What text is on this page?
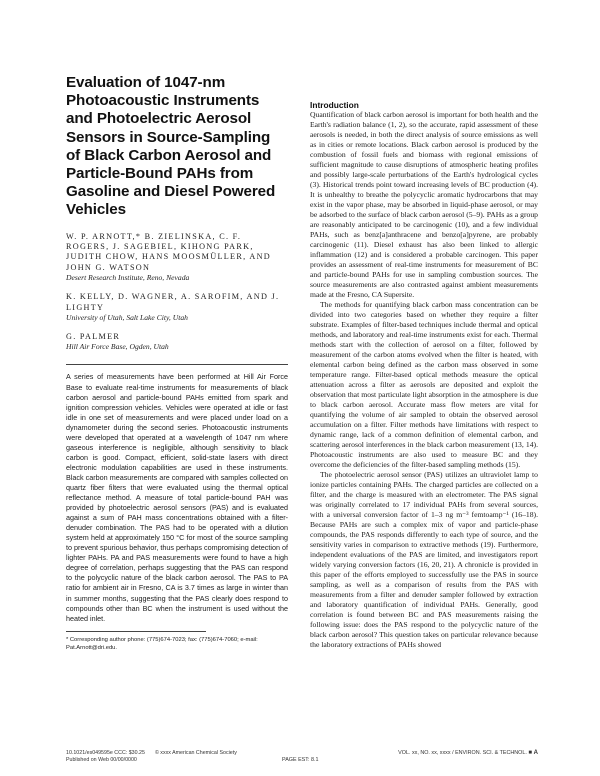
Evaluation of 1047-nm Photoacoustic Instruments and Photoelectric Aerosol Sensors in Source-Sampling of Black Carbon Aerosol and Particle-Bound PAHs from Gasoline and Diesel Powered Vehicles

W. P. ARNOTT,* B. ZIELINSKA, C. F. ROGERS, J. SAGEBIEL, KIHONG PARK, JUDITH CHOW, HANS MOOSMÜLLER, AND JOHN G. WATSON

Desert Research Institute, Reno, Nevada

K. KELLY, D. WAGNER, A. SAROFIM, AND J. LIGHTY

University of Utah, Salt Lake City, Utah

G. PALMER

Hill Air Force Base, Ogden, Utah

A series of measurements have been performed at Hill Air Force Base to evaluate real-time instruments for measurements of black carbon aerosol and particle-bound PAHs emitted from spark and ignition compression vehicles. Vehicles were operated at idle or fast idle in one set of measurements and were placed under load on a dynamometer during the second series. Photoacoustic instruments were developed that operated at a wavelength of 1047 nm where gaseous interference is negligible, although sensitivity to black carbon is good. Compact, efficient, solid-state lasers with direct electronic modulation capabilities are used in these instruments. Black carbon measurements are compared with samples collected on quartz fiber filters that were evaluated using the thermal optical reflectance method. A measure of total particle-bound PAH was provided by photoelectric aerosol sensors (PAS) and is evaluated against a sum of PAH mass concentrations obtained with a filter-denuder combination. The PAS had to be operated with a dilution system held at approximately 150 °C for most of the source sampling to prevent spurious behavior, thus perhaps compromising detection of lighter PAHs. PA and PAS measurements were found to have a high degree of correlation, perhaps suggesting that the PAS can respond to the polycyclic nature of the black carbon aerosol. The PAS to PA ratio for ambient air in Fresno, CA is 3.7 times as large in winter than in summer months, suggesting that the PAS clearly does respond to compounds other than BC when the instrument is used without the heated inlet.

* Corresponding author phone: (775)674-7023; fax: (775)674-7060; e-mail: Pat.Arnott@dri.edu.

Introduction

Quantification of black carbon aerosol is important for both health and the Earth's radiation balance (1, 2), so the accurate, rapid assessment of these aerosols is needed, in both the direct analysis of source emissions as well as in cities or remote locations. Black carbon aerosol is produced by the combustion of fossil fuels and biomass with regional emissions of sufficient magnitude to cause disruptions of atmospheric heating profiles and possibly large-scale perturbations of the Earth's hydrological cycles (3). Historical trends point toward increasing levels of BC production (4). It is unhealthy to breathe the polycyclic aromatic hydrocarbons that may exist in the vapor phase, may be absorbed in liquid-phase aerosol, or may be adsorbed to the surface of black carbon aerosol (5–9). PAHs as a group are reasonably anticipated to be carcinogenic (10), and a few individual PAHs, such as benz[a]anthracene and benzo[a]pyrene, are probably carcinogenic (11). Diesel exhaust has also been linked to allergic inflammation (12) and is considered a probable carcinogen. This paper provides an assessment of real-time instruments for measurement of BC and particle-bound PAHs for use in sampling combustion sources. The source measurements are also contrasted against ambient measurements made at the Fresno, CA Supersite.

The methods for quantifying black carbon mass concentration can be divided into two categories based on whether they require a filter substrate. Examples of filter-based techniques include thermal and optical methods, and laboratory and real-time instruments exist for each. Thermal methods start with the collection of aerosol on a filter, followed by measurement of the carbon atoms evolved when the filter is heated, with elemental carbon being defined as the carbon mass observed in some temperature range. Filter-based optical methods measure the optical attenuation across a filter as aerosols are deposited and exploit the observation that most particulate light absorption in the atmosphere is due to black carbon aerosol. Accurate mass flow meters are vital for quantifying the volume of air sampled to obtain the observed aerosol accumulation on a filter. Filter methods have limitations with respect to dynamic range, lack of a common definition of elemental carbon, and scattering aerosol interferences in the black carbon measurement (13, 14). Photoacoustic instruments are also used to measure BC and they overcome the deficiencies of the filter-based sampling methods (15).

The photoelectric aerosol sensor (PAS) utilizes an ultraviolet lamp to ionize particles containing PAHs. The charged particles are collected on a filter, and the charge is measured with an electrometer. The PAS signal was originally correlated to 17 individual PAHs from several sources, with a universal conversion factor of 1–3 ng m⁻³ femtoamp⁻¹ (16–18). Because PAHs are such a complex mix of vapor and particle-phase compounds, the PAS responds differently to each type of source, and the sensitivity varies in comparison to extractive methods (19). Furthermore, independent evaluations of the PAS are limited, and investigators report widely varying conversion factors (16, 20, 21). A chronicle is provided in this paper of the efforts employed to successfully use the PAS in source sampling, as well as a comparison of results from the PAS with measurements from a filter and denuder sampler followed by extraction and laboratory quantification of individual PAHs. Generally, good correlation is found between BC and PAS measurements raising the following issue: does the PAS respond to the polycyclic nature of the black carbon aerosol? This question takes on particular relevance because the laboratory extractions of PAHs showed

10.1021/es049595e CCC: $30.25 © xxxx American Chemical Society
Published on Web 00/00/0000	PAGE EST: 8.1
VOL. xx, NO. xx, xxxx / ENVIRON. SCI. & TECHNOL. ■ A
